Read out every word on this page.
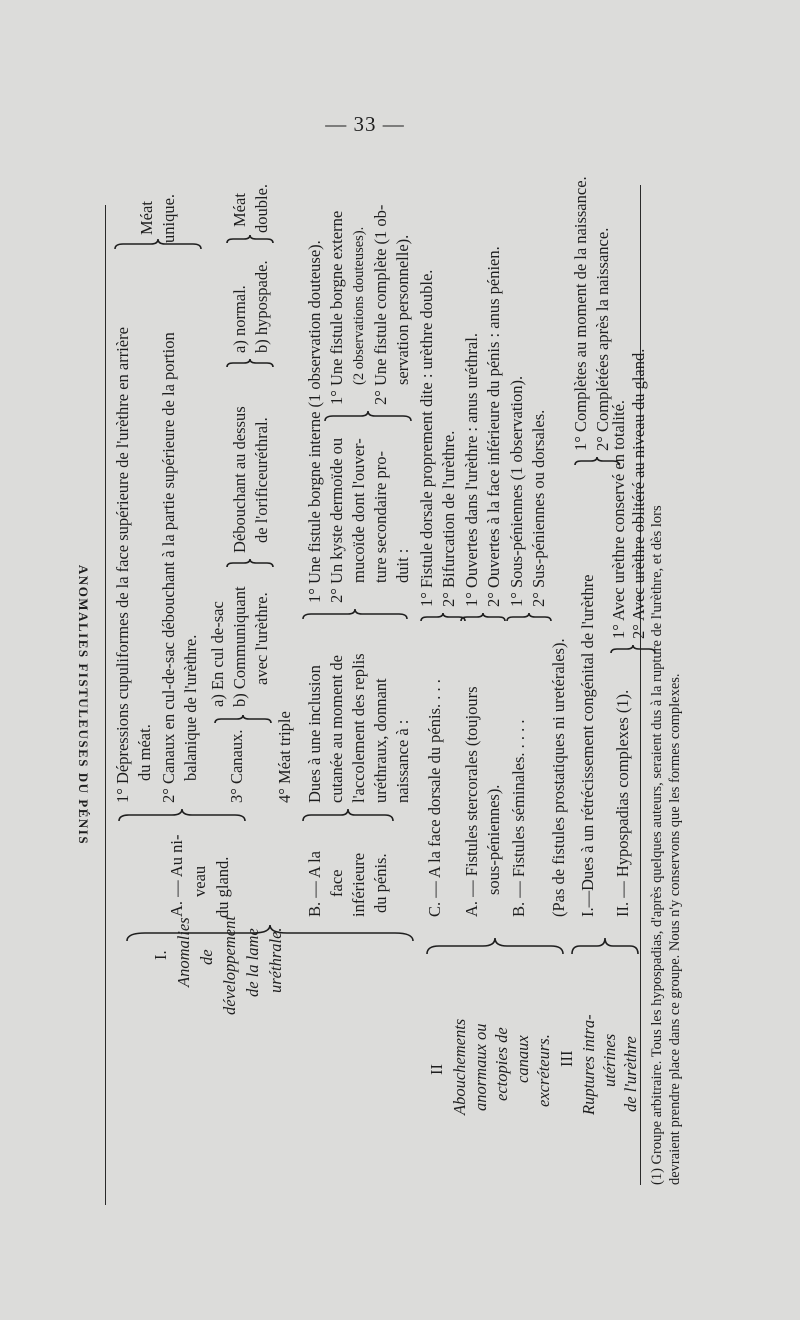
— 33 —
ANOMALIES FISTULEUSES DU PÉNIS
I. Anomalies de développement de la lame uréthrale.
II Abouchements anormaux ou ectopies de canaux excréteurs. III Ruptures intra- utérines de l'urèthre
A. — Au ni- veau du gland.
1° Dépressions cupuliformes de la face supérieure de l'urèthre en arrière du méat. 2° Canaux en cul-de-sac débouchant à la partie supérieure de la portion balanique de l'urèthre.
Méat unique.
3° Canaux.
a) En cul de-sac b) Communiquant avec l'urèthre.
Débouchant au dessus de l'orificeuréthral.
a) normal. b) hypospade.
Méat double.
4° Méat triple
B. — A la face inférieure du pénis.
Dues à une inclusion cutanée au moment de l'accolement des replis uréthraux, donnant naissance à :
1° Une fistule borgne interne (1 observation douteuse). 2° Un kyste dermoïde ou mucoïde dont l'ouver- ture secondaire pro- duit :
1° Une fistule borgne externe (2 observations douteuses). 2° Une fistule complète (1 ob- servation personnelle).
C. — A la face dorsale du pénis. . . .
1° Fistule dorsale proprement dite : urèthre double. 2° Bifurcation de l'urèthre.
A. — Fistules stercorales (toujours sous-péniennes).
1° Ouvertes dans l'urèthre : anus uréthral. 2° Ouvertes à la face inférieure du pénis : anus pénien.
B. — Fistules séminales. . . . .
1° Sous-péniennes (1 observation). 2° Sus-péniennes ou dorsales.
(Pas de fistules prostatiques ni uretérales). I.—Dues à un rétrécissement congénital de l'urèthre
1° Complètes au moment de la naissance. 2° Complétées après la naissance.
II. — Hypospadias complexes (1).
1° Avec urèthre conservé en totalité. 2° Avec urèthre oblitéré au niveau du gland.
(1) Groupe arbitraire. Tous les hypospadias, d'après quelques auteurs, seraient dus à la rupture de l'urèthre, et dès lors devraient prendre place dans ce groupe. Nous n'y conservons que les formes complexes.
